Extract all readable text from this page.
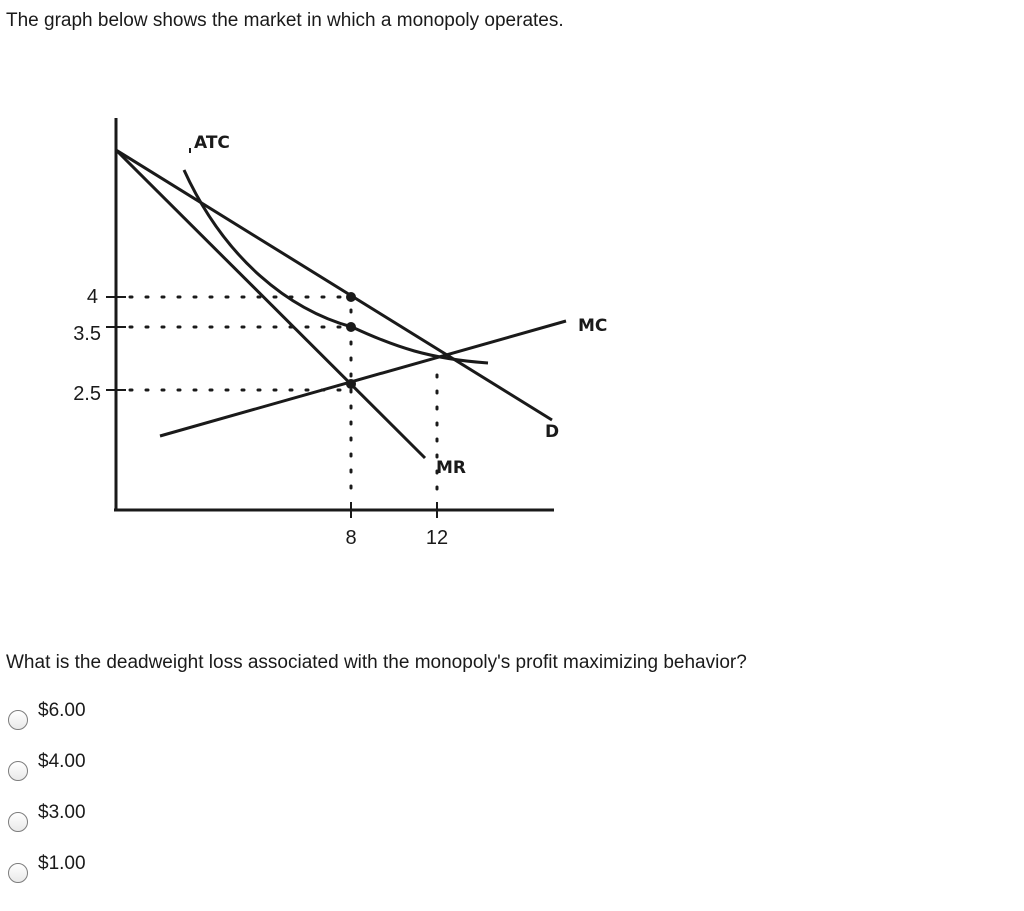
The graph below shows the market in which a monopoly operates.
ATC
MC
D
MR
4
3.5
2.5
8	12
What is the deadweight loss associated with the monopoly's profit maximizing behavior?
$6.00
$4.00
$3.00
$1.00
